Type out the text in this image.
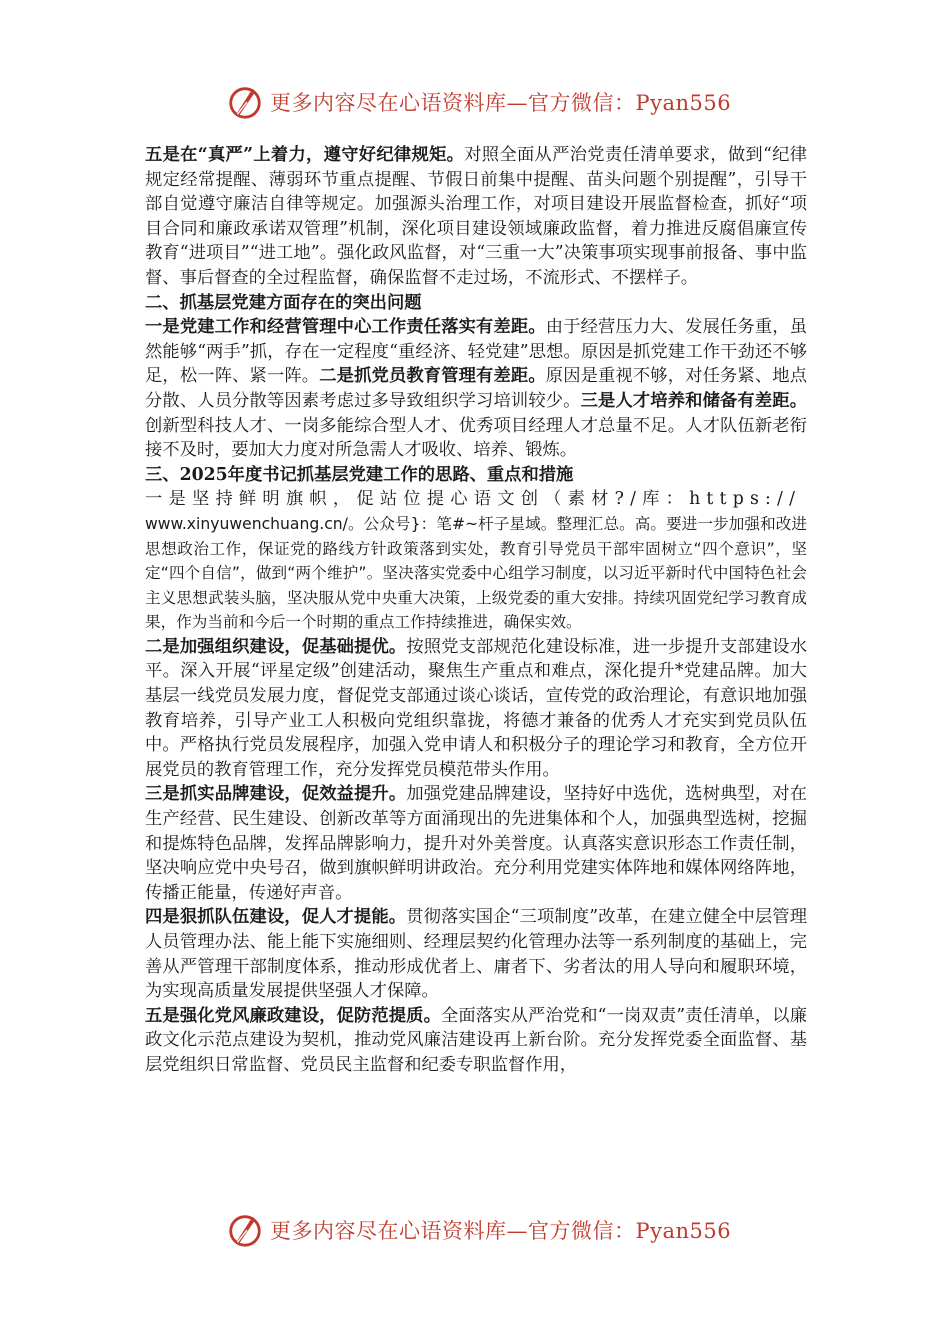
更多内容尽在心语资料库—官方微信：Pyan556

五是在“真严”上着力，遵守好纪律规矩。对照全面从严治党责任清单要求，做到“纪律规定经常提醒、薄弱环节重点提醒、节假日前集中提醒、苗头问题个别提醒”，引导干部自觉遵守廉洁自律等规定。加强源头治理工作，对项目建设开展监督检查，抓好“项目合同和廉政承诺双管理”机制，深化项目建设领域廉政监督，着力推进反腐倡廉宣传教育“进项目”“进工地”。强化政风监督，对“三重一大”决策事项实现事前报备、事中监督、事后督查的全过程监督，确保监督不走过场，不流形式、不摆样子。

二、抓基层党建方面存在的突出问题

一是党建工作和经营管理中心工作责任落实有差距。由于经营压力大、发展任务重，虽然能够“两手”抓，存在一定程度“重经济、轻党建”思想。原因是抓党建工作干劲还不够足，松一阵、紧一阵。二是抓党员教育管理有差距。原因是重视不够，对任务紧、地点分散、人员分散等因素考虑过多导致组织学习培训较少。三是人才培养和储备有差距。创新型科技人才、一岗多能综合型人才、优秀项目经理人才总量不足。人才队伍新老衔接不及时，要加大力度对所急需人才吸收、培养、锻炼。

三、2025年度书记抓基层党建工作的思路、重点和措施

一是坚持鲜明旗帜，促站位提心语文创（素材?/库：https://

www.xinyuwenchuang.cn/。公众号}：笔#~杆子星域。整理汇总。高。要进一步加强和改进思想政治工作，保证党的路线方针政策落到实处，教育引导党员干部牢固树立“四个意识”，坚定“四个自信”，做到“两个维护”。坚决落实党委中心组学习制度，以习近平新时代中国特色社会主义思想武装头脑，坚决服从党中央重大决策，上级党委的重大安排。持续巩固党纪学习教育成果，作为当前和今后一个时期的重点工作持续推进，确保实效。

二是加强组织建设，促基础提优。按照党支部规范化建设标准，进一步提升支部建设水平。深入开展“评星定级”创建活动，聚焦生产重点和难点，深化提升*党建品牌。加大基层一线党员发展力度，督促党支部通过谈心谈话，宣传党的政治理论，有意识地加强教育培养，引导产业工人积极向党组织靠拢，将德才兼备的优秀人才充实到党员队伍中。严格执行党员发展程序，加强入党申请人和积极分子的理论学习和教育，全方位开展党员的教育管理工作，充分发挥党员模范带头作用。

三是抓实品牌建设，促效益提升。加强党建品牌建设，坚持好中选优，选树典型，对在生产经营、民生建设、创新改革等方面涌现出的先进集体和个人，加强典型选树，挖掘和提炼特色品牌，发挥品牌影响力，提升对外美誉度。认真落实意识形态工作责任制，坚决响应党中央号召，做到旗帜鲜明讲政治。充分利用党建实体阵地和媒体网络阵地，传播正能量，传递好声音。

四是狠抓队伍建设，促人才提能。贯彻落实国企“三项制度”改革，在建立健全中层管理人员管理办法、能上能下实施细则、经理层契约化管理办法等一系列制度的基础上，完善从严管理干部制度体系，推动形成优者上、庸者下、劣者汰的用人导向和履职环境，为实现高质量发展提供坚强人才保障。

五是强化党风廉政建设，促防范提质。全面落实从严治党和“一岗双责”责任清单，以廉政文化示范点建设为契机，推动党风廉洁建设再上新台阶。充分发挥党委全面监督、基层党组织日常监督、党员民主监督和纪委专职监督作用，

更多内容尽在心语资料库—官方微信：Pyan556
